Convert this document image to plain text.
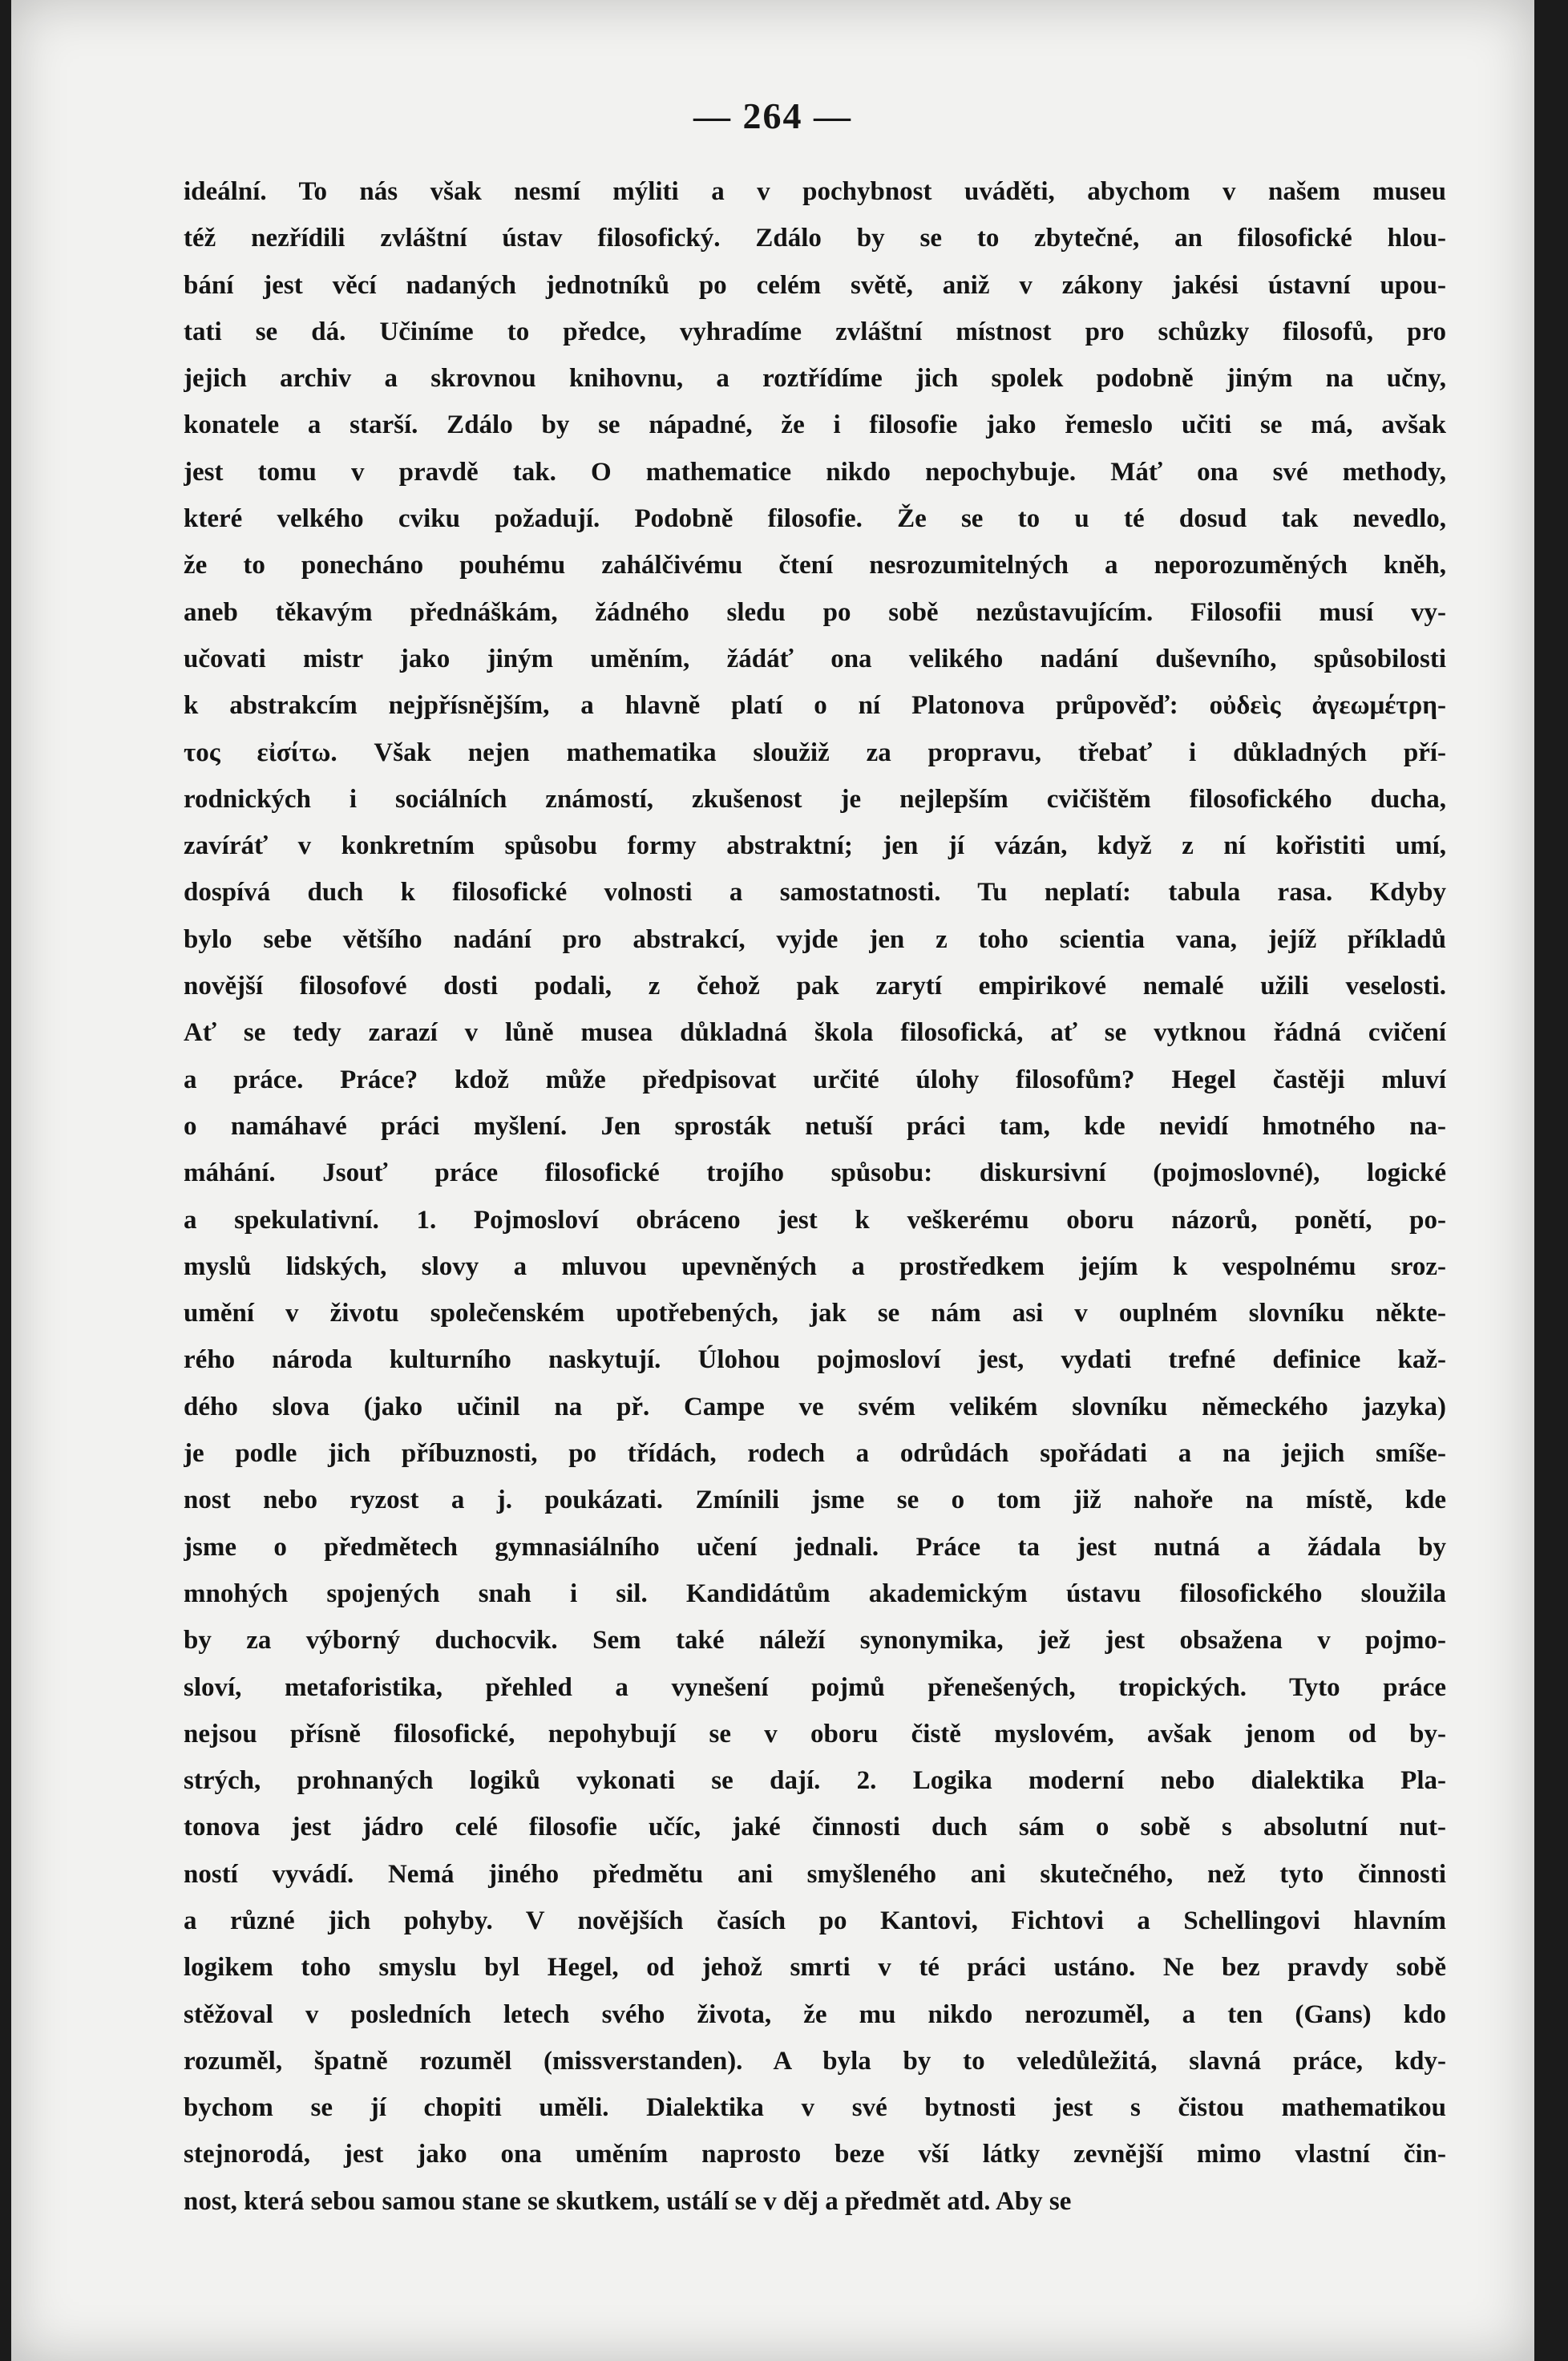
— 264 —
ideální. To nás však nesmí mýliti a v pochybnost uváděti, abychom v našem museu
též nezřídili zvláštní ústav filosofický. Zdálo by se to zbytečné, an filosofické hlou-
bání jest věcí nadaných jednotníků po celém světě, aniž v zákony jakési ústavní upou-
tati se dá. Učiníme to předce, vyhradíme zvláštní místnost pro schůzky filosofů, pro
jejich archiv a skrovnou knihovnu, a roztřídíme jich spolek podobně jiným na učny,
konatele a starší. Zdálo by se nápadné, že i filosofie jako řemeslo učiti se má, avšak
jest tomu v pravdě tak. O mathematice nikdo nepochybuje. Máť ona své methody,
které velkého cviku požadují. Podobně filosofie. Že se to u té dosud tak nevedlo,
že to ponecháno pouhému zahálčivému čtení nesrozumitelných a neporozuměných kněh,
aneb těkavým přednáškám, žádného sledu po sobě nezůstavujícím. Filosofii musí vy-
učovati mistr jako jiným uměním, žádáť ona velikého nadání duševního, spůsobilosti
k abstrakcím nejpřísnějším, a hlavně platí o ní Platonova průpověď: οὐδεὶς ἀγεωμέτρη-
τος εἰσίτω. Však nejen mathematika sloužiž za propravu, třebať i důkladných pří-
rodnických i sociálních známostí, zkušenost je nejlepším cvičištěm filosofického ducha,
zavíráť v konkretním spůsobu formy abstraktní; jen jí vázán, když z ní kořistiti umí,
dospívá duch k filosofické volnosti a samostatnosti. Tu neplatí: tabula rasa. Kdyby
bylo sebe většího nadání pro abstrakcí, vyjde jen z toho scientia vana, jejíž příkladů
novější filosofové dosti podali, z čehož pak zarytí empirikové nemalé užili veselosti.
Ať se tedy zarazí v lůně musea důkladná škola filosofická, ať se vytknou řádná cvičení
a práce. Práce? kdož může předpisovat určité úlohy filosofům? Hegel častěji mluví
o namáhavé práci myšlení. Jen sprosták netuší práci tam, kde nevidí hmotného na-
máhání. Jsouť práce filosofické trojího spůsobu: diskursivní (pojmoslovné), logické
a spekulativní. 1. Pojmosloví obráceno jest k veškerému oboru názorů, ponětí, po-
myslů lidských, slovy a mluvou upevněných a prostředkem jejím k vespolnému sroz-
umění v životu společenském upotřebených, jak se nám asi v ouplném slovníku někte-
rého národa kulturního naskytují. Úlohou pojmosloví jest, vydati trefné definice kaž-
dého slova (jako učinil na př. Campe ve svém velikém slovníku německého jazyka)
je podle jich příbuznosti, po třídách, rodech a odrůdách spořádati a na jejich smíše-
nost nebo ryzost a j. poukázati. Zmínili jsme se o tom již nahoře na místě, kde
jsme o předmětech gymnasiálního učení jednali. Práce ta jest nutná a žádala by
mnohých spojených snah i sil. Kandidátům akademickým ústavu filosofického sloužila
by za výborný duchocvik. Sem také náleží synonymika, jež jest obsažena v pojmo-
sloví, metaforistika, přehled a vynešení pojmů přenešených, tropických. Tyto práce
nejsou přísně filosofické, nepohybují se v oboru čistě myslovém, avšak jenom od by-
strých, prohnaných logiků vykonati se dají. 2. Logika moderní nebo dialektika Pla-
tonova jest jádro celé filosofie učíc, jaké činnosti duch sám o sobě s absolutní nut-
ností vyvádí. Nemá jiného předmětu ani smyšleného ani skutečného, než tyto činnosti
a různé jich pohyby. V novějších časích po Kantovi, Fichtovi a Schellingovi hlavním
logikem toho smyslu byl Hegel, od jehož smrti v té práci ustáno. Ne bez pravdy sobě
stěžoval v posledních letech svého života, že mu nikdo nerozuměl, a ten (Gans) kdo
rozuměl, špatně rozuměl (missverstanden). A byla by to veledůležitá, slavná práce, kdy-
bychom se jí chopiti uměli. Dialektika v své bytnosti jest s čistou mathematikou
stejnorodá, jest jako ona uměním naprosto beze vší látky zevnější mimo vlastní čin-
nost, která sebou samou stane se skutkem, ustálí se v děj a předmět atd. Aby se
